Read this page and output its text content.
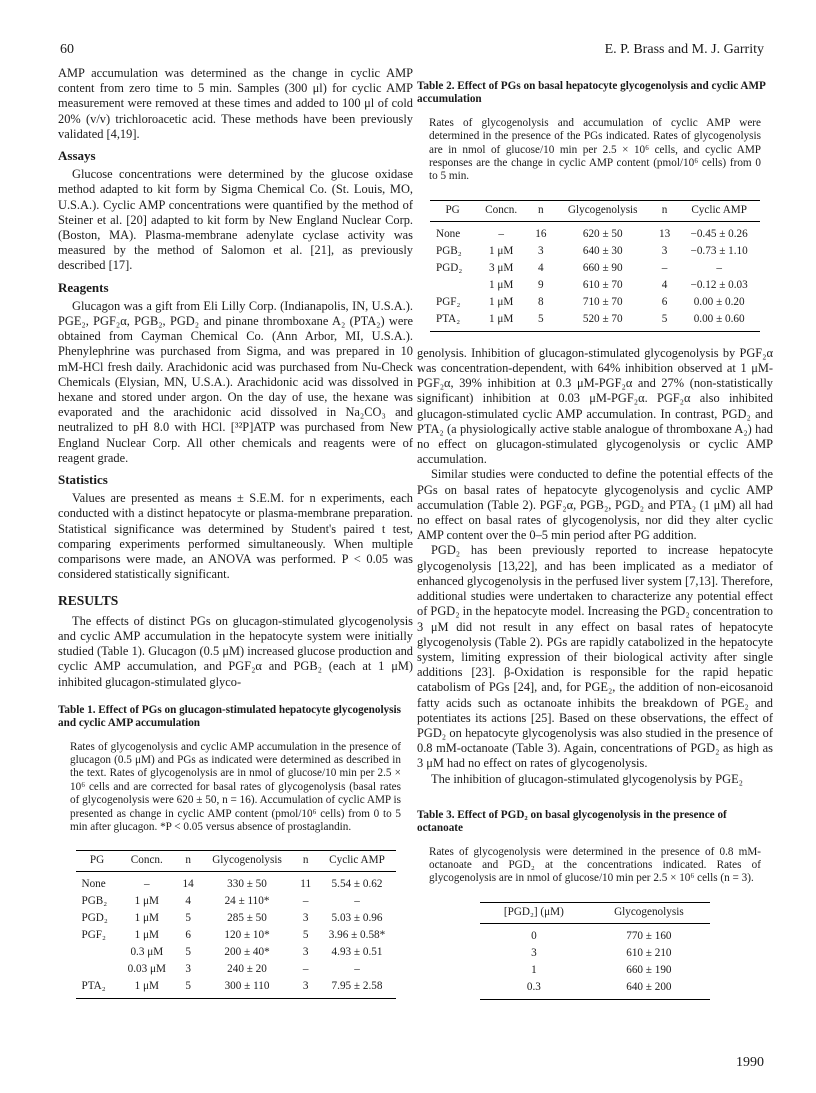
60	E. P. Brass and M. J. Garrity

AMP accumulation was determined as the change in cyclic AMP content from zero time to 5 min. Samples (300 μl) for cyclic AMP measurement were removed at these times and added to 100 μl of cold 20% (v/v) trichloroacetic acid. These methods have been previously validated [4,19].

Assays

Glucose concentrations were determined by the glucose oxidase method adapted to kit form by Sigma Chemical Co. (St. Louis, MO, U.S.A.). Cyclic AMP concentrations were quantified by the method of Steiner et al. [20] adapted to kit form by New England Nuclear Corp. (Boston, MA). Plasma-membrane adenylate cyclase activity was measured by the method of Salomon et al. [21], as previously described [17].

Reagents

Glucagon was a gift from Eli Lilly Corp. (Indianapolis, IN, U.S.A.). PGE₂, PGF₂α, PGB₂, PGD₂ and pinane thromboxane A₂ (PTA₂) were obtained from Cayman Chemical Co. (Ann Arbor, MI, U.S.A.). Phenylephrine was purchased from Sigma, and was prepared in 10 mM-HCl fresh daily. Arachidonic acid was purchased from Nu-Check Chemicals (Elysian, MN, U.S.A.). Arachidonic acid was dissolved in hexane and stored under argon. On the day of use, the hexane was evaporated and the arachidonic acid dissolved in Na₂CO₃ and neutralized to pH 8.0 with HCl. [³²P]ATP was purchased from New England Nuclear Corp. All other chemicals and reagents were of reagent grade.

Statistics

Values are presented as means ± S.E.M. for n experiments, each conducted with a distinct hepatocyte or plasma-membrane preparation. Statistical significance was determined by Student's paired t test, comparing experiments performed simultaneously. When multiple comparisons were made, an ANOVA was performed. P < 0.05 was considered statistically significant.

RESULTS

The effects of distinct PGs on glucagon-stimulated glycogenolysis and cyclic AMP accumulation in the hepatocyte system were initially studied (Table 1). Glucagon (0.5 μM) increased glucose production and cyclic AMP accumulation, and PGF₂α and PGB₂ (each at 1 μM) inhibited glucagon-stimulated glyco-

Table 1. Effect of PGs on glucagon-stimulated hepatocyte glycogenolysis and cyclic AMP accumulation
Rates of glycogenolysis and cyclic AMP accumulation in the presence of glucagon (0.5 μM) and PGs as indicated were determined as described in the text. Rates of glycogenolysis are in nmol of glucose/10 min per 2.5 × 10⁶ cells and are corrected for basal rates of glycogenolysis (basal rates of glycogenolysis were 620 ± 50, n = 16). Accumulation of cyclic AMP is presented as change in cyclic AMP content (pmol/10⁶ cells) from 0 to 5 min after glucagon. *P < 0.05 versus absence of prostaglandin.
PG	Concn.	n	Glycogenolysis	n	Cyclic AMP
None	–	14	330 ± 50	11	5.54 ± 0.62
PGB₂	1 μM	4	24 ± 110*	–	–
PGD₂	1 μM	5	285 ± 50	3	5.03 ± 0.96
PGF₂	1 μM	6	120 ± 10*	5	3.96 ± 0.58*
	0.3 μM	5	200 ± 40*	3	4.93 ± 0.51
	0.03 μM	3	240 ± 20	–	–
PTA₂	1 μM	5	300 ± 110	3	7.95 ± 2.58
Table 2. Effect of PGs on basal hepatocyte glycogenolysis and cyclic AMP accumulation
Rates of glycogenolysis and accumulation of cyclic AMP were determined in the presence of the PGs indicated. Rates of glycogenolysis are in nmol of glucose/10 min per 2.5 × 10⁶ cells, and cyclic AMP responses are the change in cyclic AMP content (pmol/10⁶ cells) from 0 to 5 min.
PG	Concn.	n	Glycogenolysis	n	Cyclic AMP
None	–	16	620 ± 50	13	−0.45 ± 0.26
PGB₂	1 μM	3	640 ± 30	3	−0.73 ± 1.10
PGD₂	3 μM	4	660 ± 90	–	–
	1 μM	9	610 ± 70	4	−0.12 ± 0.03
PGF₂	1 μM	8	710 ± 70	6	0.00 ± 0.20
PTA₂	1 μM	5	520 ± 70	5	0.00 ± 0.60

genolysis. Inhibition of glucagon-stimulated glycogenolysis by PGF₂α was concentration-dependent, with 64% inhibition observed at 1 μM-PGF₂α, 39% inhibition at 0.3 μM-PGF₂α and 27% (non-statistically significant) inhibition at 0.03 μM-PGF₂α. PGF₂α also inhibited glucagon-stimulated cyclic AMP accumulation. In contrast, PGD₂ and PTA₂ (a physiologically active stable analogue of thromboxane A₂) had no effect on glucagon-stimulated glycogenolysis or cyclic AMP accumulation.

Similar studies were conducted to define the potential effects of the PGs on basal rates of hepatocyte glycogenolysis and cyclic AMP accumulation (Table 2). PGF₂α, PGB₂, PGD₂ and PTA₂ (1 μM) all had no effect on basal rates of glycogenolysis, nor did they alter cyclic AMP content over the 0–5 min period after PG addition.

PGD₂ has been previously reported to increase hepatocyte glycogenolysis [13,22], and has been implicated as a mediator of enhanced glycogenolysis in the perfused liver system [7,13]. Therefore, additional studies were undertaken to characterize any potential effect of PGD₂ in the hepatocyte model. Increasing the PGD₂ concentration to 3 μM did not result in any effect on basal rates of hepatocyte glycogenolysis (Table 2). PGs are rapidly catabolized in the hepatocyte system, limiting expression of their biological activity after single additions [23]. β-Oxidation is responsible for the rapid hepatic catabolism of PGs [24], and, for PGE₂, the addition of non-eicosanoid fatty acids such as octanoate inhibits the breakdown of PGE₂ and potentiates its actions [25]. Based on these observations, the effect of PGD₂ on hepatocyte glycogenolysis was also studied in the presence of 0.8 mM-octanoate (Table 3). Again, concentrations of PGD₂ as high as 3 μM had no effect on rates of glycogenolysis.

The inhibition of glucagon-stimulated glycogenolysis by PGE₂

Table 3. Effect of PGD₂ on basal glycogenolysis in the presence of octanoate
Rates of glycogenolysis were determined in the presence of 0.8 mM-octanoate and PGD₂ at the concentrations indicated. Rates of glycogenolysis are in nmol of glucose/10 min per 2.5 × 10⁶ cells (n = 3).
[PGD₂] (μM)	Glycogenolysis
0	770 ± 160
3	610 ± 210
1	660 ± 190
0.3	640 ± 200
1990
